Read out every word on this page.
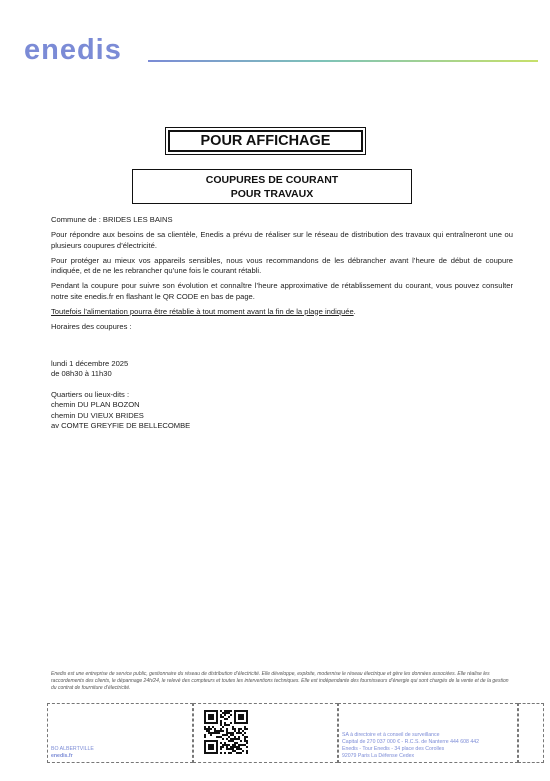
enedis
POUR AFFICHAGE
COUPURES DE COURANT
POUR TRAVAUX

Commune de : BRIDES LES BAINS

Pour répondre aux besoins de sa clientèle, Enedis a prévu de réaliser sur le réseau de distribution des travaux qui entraîneront une ou plusieurs coupures d’électricité.

Pour protéger au mieux vos appareils sensibles, nous vous recommandons de les débrancher avant l’heure de début de coupure indiquée, et de ne les rebrancher qu’une fois le courant rétabli.

Pendant la coupure pour suivre son évolution et connaître l’heure approximative de rétablissement du courant, vous pouvez consulter notre site enedis.fr en flashant le QR CODE en bas de page.

Toutefois l’alimentation pourra être rétablie à tout moment avant la fin de la plage indiquée.

Horaires des coupures :

lundi 1 décembre 2025

de 08h30 à 11h30

Quartiers ou lieux-dits :

chemin DU PLAN BOZON

chemin DU VIEUX BRIDES

av COMTE GREYFIE DE BELLECOMBE

Enedis est une entreprise de service public, gestionnaire du réseau de distribution d’électricité. Elle développe, exploite, modernise le réseau électrique et gère les données associées. Elle réalise les raccordements des clients, le dépannage 24h/24, le relevé des compteurs et toutes les interventions techniques. Elle est indépendante des fournisseurs d’énergie qui sont chargés de la vente et de la gestion du contrat de fourniture d’électricité.
BO ALBERTVILLE
enedis.fr
SA à directoire et à conseil de surveillance
Capital de 270 037 000 € - R.C.S. de Nanterre 444 608 442
Enedis - Tour Enedis - 34 place des Corolles
92079 Paris La Défense Cedex
